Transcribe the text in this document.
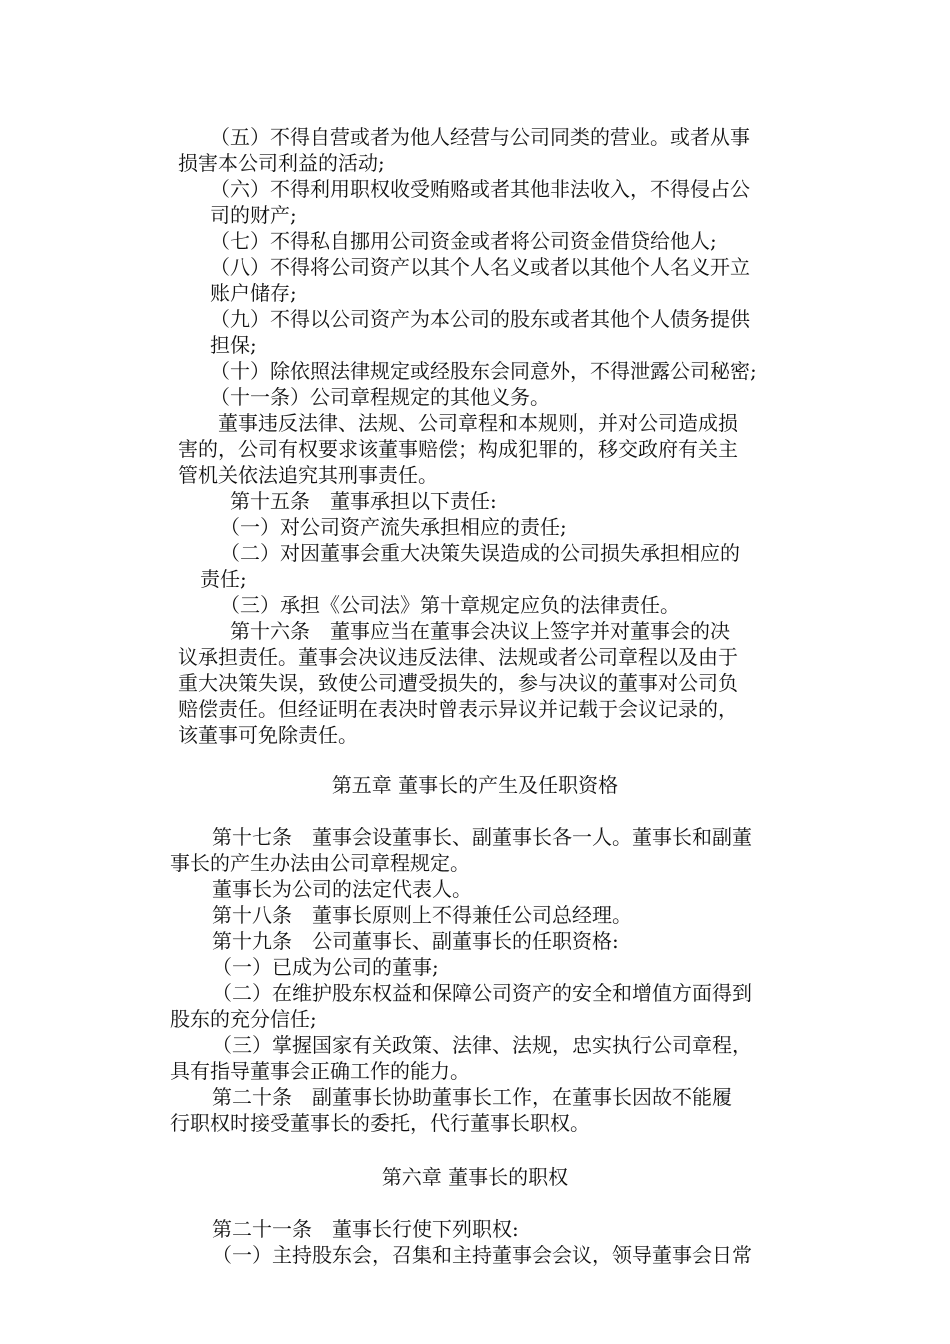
（五）不得自营或者为他人经营与公司同类的营业。或者从事

损害本公司利益的活动;

（六）不得利用职权收受贿赂或者其他非法收入，不得侵占公

司的财产;

（七）不得私自挪用公司资金或者将公司资金借贷给他人;

（八）不得将公司资产以其个人名义或者以其他个人名义开立

账户储存;

（九）不得以公司资产为本公司的股东或者其他个人债务提供

担保;

（十）除依照法律规定或经股东会同意外，不得泄露公司秘密;

（十一条）公司章程规定的其他义务。

董事违反法律、法规、公司章程和本规则，并对公司造成损

害的，公司有权要求该董事赔偿；构成犯罪的，移交政府有关主

管机关依法追究其刑事责任。

第十五条　董事承担以下责任:

（一）对公司资产流失承担相应的责任;

（二）对因董事会重大决策失误造成的公司损失承担相应的

责任;

（三）承担《公司法》第十章规定应负的法律责任。

第十六条　董事应当在董事会决议上签字并对董事会的决

议承担责任。董事会决议违反法律、法规或者公司章程以及由于

重大决策失误，致使公司遭受损失的，参与决议的董事对公司负

赔偿责任。但经证明在表决时曾表示异议并记载于会议记录的，

该董事可免除责任。

第五章 董事长的产生及任职资格

第十七条　董事会设董事长、副董事长各一人。董事长和副董

事长的产生办法由公司章程规定。

董事长为公司的法定代表人。

第十八条　董事长原则上不得兼任公司总经理。

第十九条　公司董事长、副董事长的任职资格:

（一）已成为公司的董事;

（二）在维护股东权益和保障公司资产的安全和增值方面得到

股东的充分信任;

（三）掌握国家有关政策、法律、法规，忠实执行公司章程，

具有指导董事会正确工作的能力。

第二十条　副董事长协助董事长工作，在董事长因故不能履

行职权时接受董事长的委托，代行董事长职权。

第六章 董事长的职权

第二十一条　董事长行使下列职权:

（一）主持股东会，召集和主持董事会会议，领导董事会日常
